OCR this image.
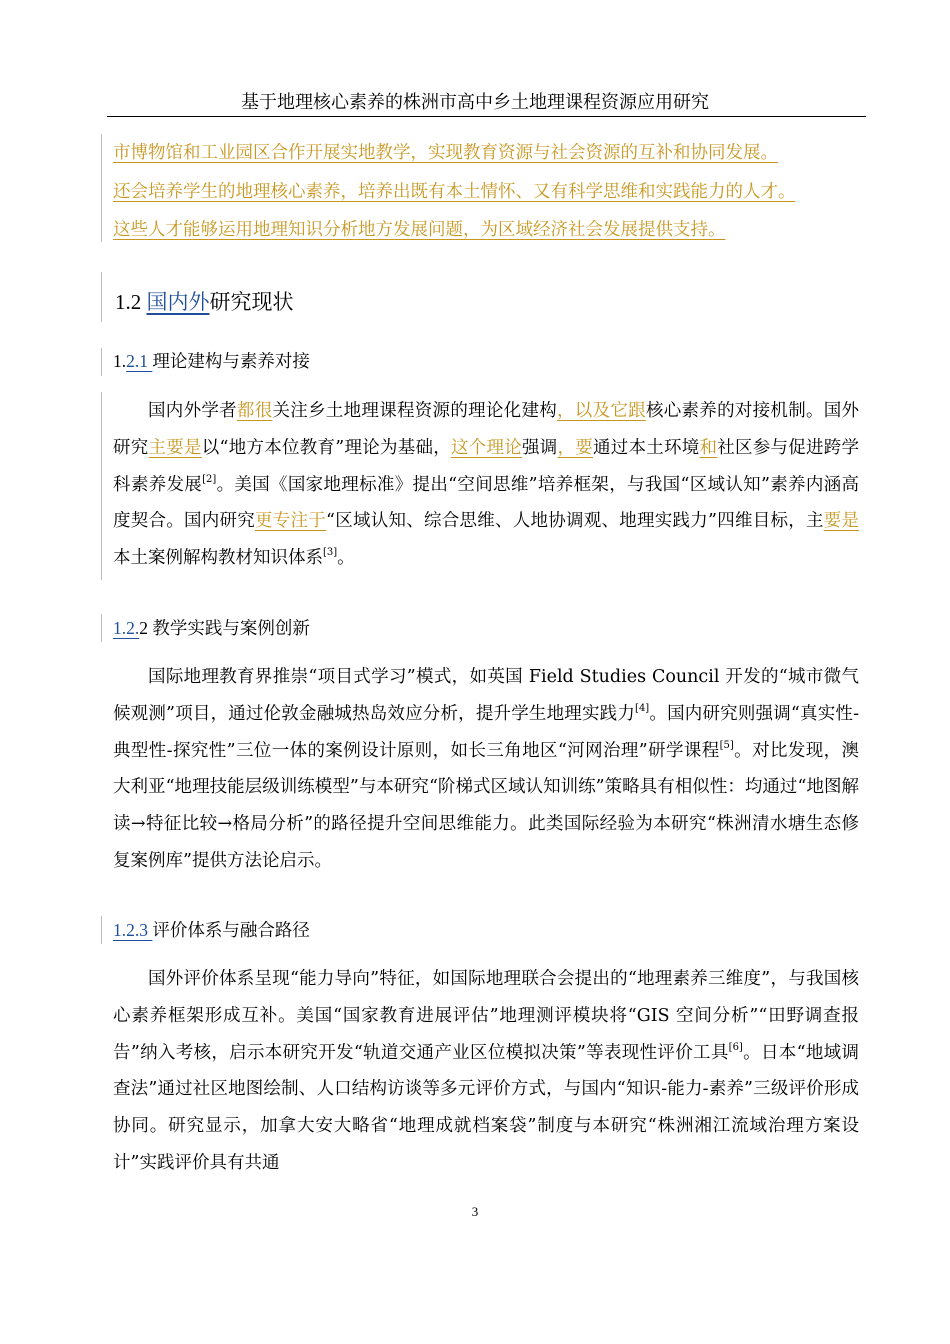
基于地理核心素养的株洲市高中乡土地理课程资源应用研究
市博物馆和工业园区合作开展实地教学，实现教育资源与社会资源的互补和协同发展。
还会培养学生的地理核心素养，培养出既有本土情怀、又有科学思维和实践能力的人才。
这些人才能够运用地理知识分析地方发展问题，为区域经济社会发展提供支持。
1.2 国内外研究现状
1.2.1 理论建构与素养对接

国内外学者都很关注乡土地理课程资源的理论化建构，以及它跟核心素养的对接机制。国外研究主要是以“地方本位教育”理论为基础，这个理论强调，要通过本土环境和社区参与促进跨学科素养发展[2]。美国《国家地理标准》提出“空间思维”培养框架，与我国“区域认知”素养内涵高度契合。国内研究更专注于“区域认知、综合思维、人地协调观、地理实践力”四维目标，主要是本土案例解构教材知识体系[3]。

1.2.2 教学实践与案例创新

国际地理教育界推崇“项目式学习”模式，如英国 Field Studies Council 开发的“城市微气候观测”项目，通过伦敦金融城热岛效应分析，提升学生地理实践力[4]。国内研究则强调“真实性-典型性-探究性”三位一体的案例设计原则，如长三角地区“河网治理”研学课程[5]。对比发现，澳大利亚“地理技能层级训练模型”与本研究“阶梯式区域认知训练”策略具有相似性：均通过“地图解读→特征比较→格局分析”的路径提升空间思维能力。此类国际经验为本研究“株洲清水塘生态修复案例库”提供方法论启示。

1.2.3 评价体系与融合路径

国外评价体系呈现“能力导向”特征，如国际地理联合会提出的“地理素养三维度”，与我国核心素养框架形成互补。美国“国家教育进展评估”地理测评模块将“GIS 空间分析”“田野调查报告”纳入考核，启示本研究开发“轨道交通产业区位模拟决策”等表现性评价工具[6]。日本“地域调查法”通过社区地图绘制、人口结构访谈等多元评价方式，与国内“知识-能力-素养”三级评价形成协同。研究显示，加拿大安大略省“地理成就档案袋”制度与本研究“株洲湘江流域治理方案设计”实践评价具有共通

3
